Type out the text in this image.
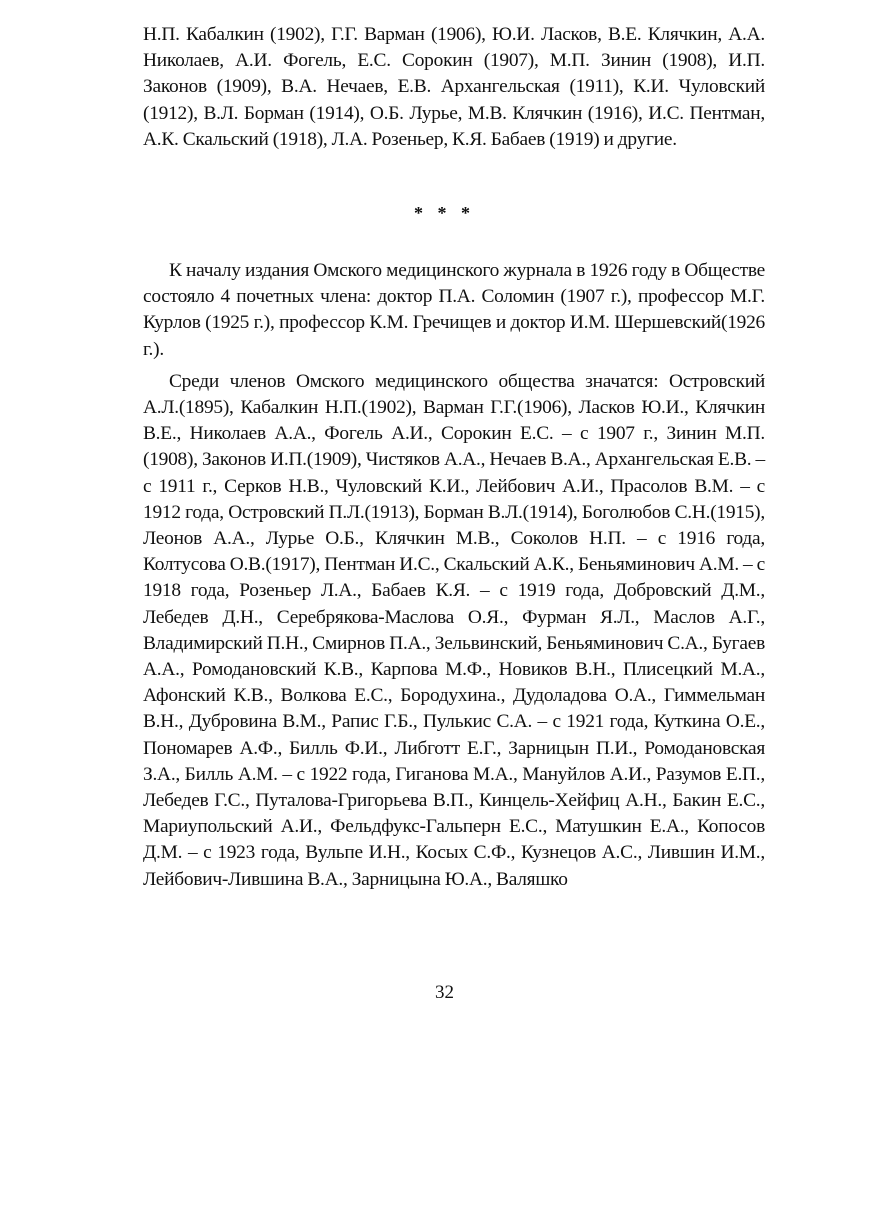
Н.П. Кабалкин (1902), Г.Г. Варман (1906), Ю.И. Ласков, В.Е. Клячкин, А.А. Николаев, А.И. Фогель, Е.С. Сорокин (1907), М.П. Зинин (1908), И.П. Законов (1909), В.А. Нечаев, Е.В. Архангельская (1911), К.И. Чуловский (1912), В.Л. Борман (1914), О.Б. Лурье, М.В. Клячкин (1916), И.С. Пентман, А.К. Скальский (1918), Л.А. Розеньер, К.Я. Бабаев (1919) и другие.

* * *

К началу издания Омского медицинского журнала в 1926 году в Обществе состояло 4 почетных члена: доктор П.А. Соломин (1907 г.), профессор М.Г. Курлов (1925 г.), профессор К.М. Гречищев и доктор И.М. Шершевский(1926 г.).

Среди членов Омского медицинского общества значатся: Островский А.Л.(1895), Кабалкин Н.П.(1902), Варман Г.Г.(1906), Ласков Ю.И., Клячкин В.Е., Николаев А.А., Фогель А.И., Сорокин Е.С. – с 1907 г., Зинин М.П.(1908), Законов И.П.(1909), Чистяков А.А., Нечаев В.А., Архангельская Е.В. – с 1911 г., Серков Н.В., Чуловский К.И., Лейбович А.И., Прасолов В.М. – с 1912 года, Островский П.Л.(1913), Борман В.Л.(1914), Боголюбов С.Н.(1915), Леонов А.А., Лурье О.Б., Клячкин М.В., Соколов Н.П. – с 1916 года, Колтусова О.В.(1917), Пентман И.С., Скальский А.К., Беньяминович А.М. – с 1918 года, Розеньер Л.А., Бабаев К.Я. – с 1919 года, Добровский Д.М., Лебедев Д.Н., Серебрякова-Маслова О.Я., Фурман Я.Л., Маслов А.Г., Владимирский П.Н., Смирнов П.А., Зельвинский, Беньяминович С.А., Бугаев А.А., Ромодановский К.В., Карпова М.Ф., Новиков В.Н., Плисецкий М.А., Афонский К.В., Волкова Е.С., Бородухина., Дудоладова О.А., Гиммельман В.Н., Дубровина В.М., Рапис Г.Б., Пулькис С.А. – с 1921 года, Куткина О.Е., Пономарев А.Ф., Билль Ф.И., Либготт Е.Г., Зарницын П.И., Ромодановская З.А., Билль А.М. – с 1922 года, Гиганова М.А., Мануйлов А.И., Разумов Е.П., Лебедев Г.С., Путалова-Григорьева В.П., Кинцель-Хейфиц А.Н., Бакин Е.С., Мариупольский А.И., Фельдфукс-Гальперн Е.С., Матушкин Е.А., Копосов Д.М. – с 1923 года, Вульпе И.Н., Косых С.Ф., Кузнецов А.С., Лившин И.М., Лейбович-Лившина В.А., Зарницына Ю.А., Валяшко

32
